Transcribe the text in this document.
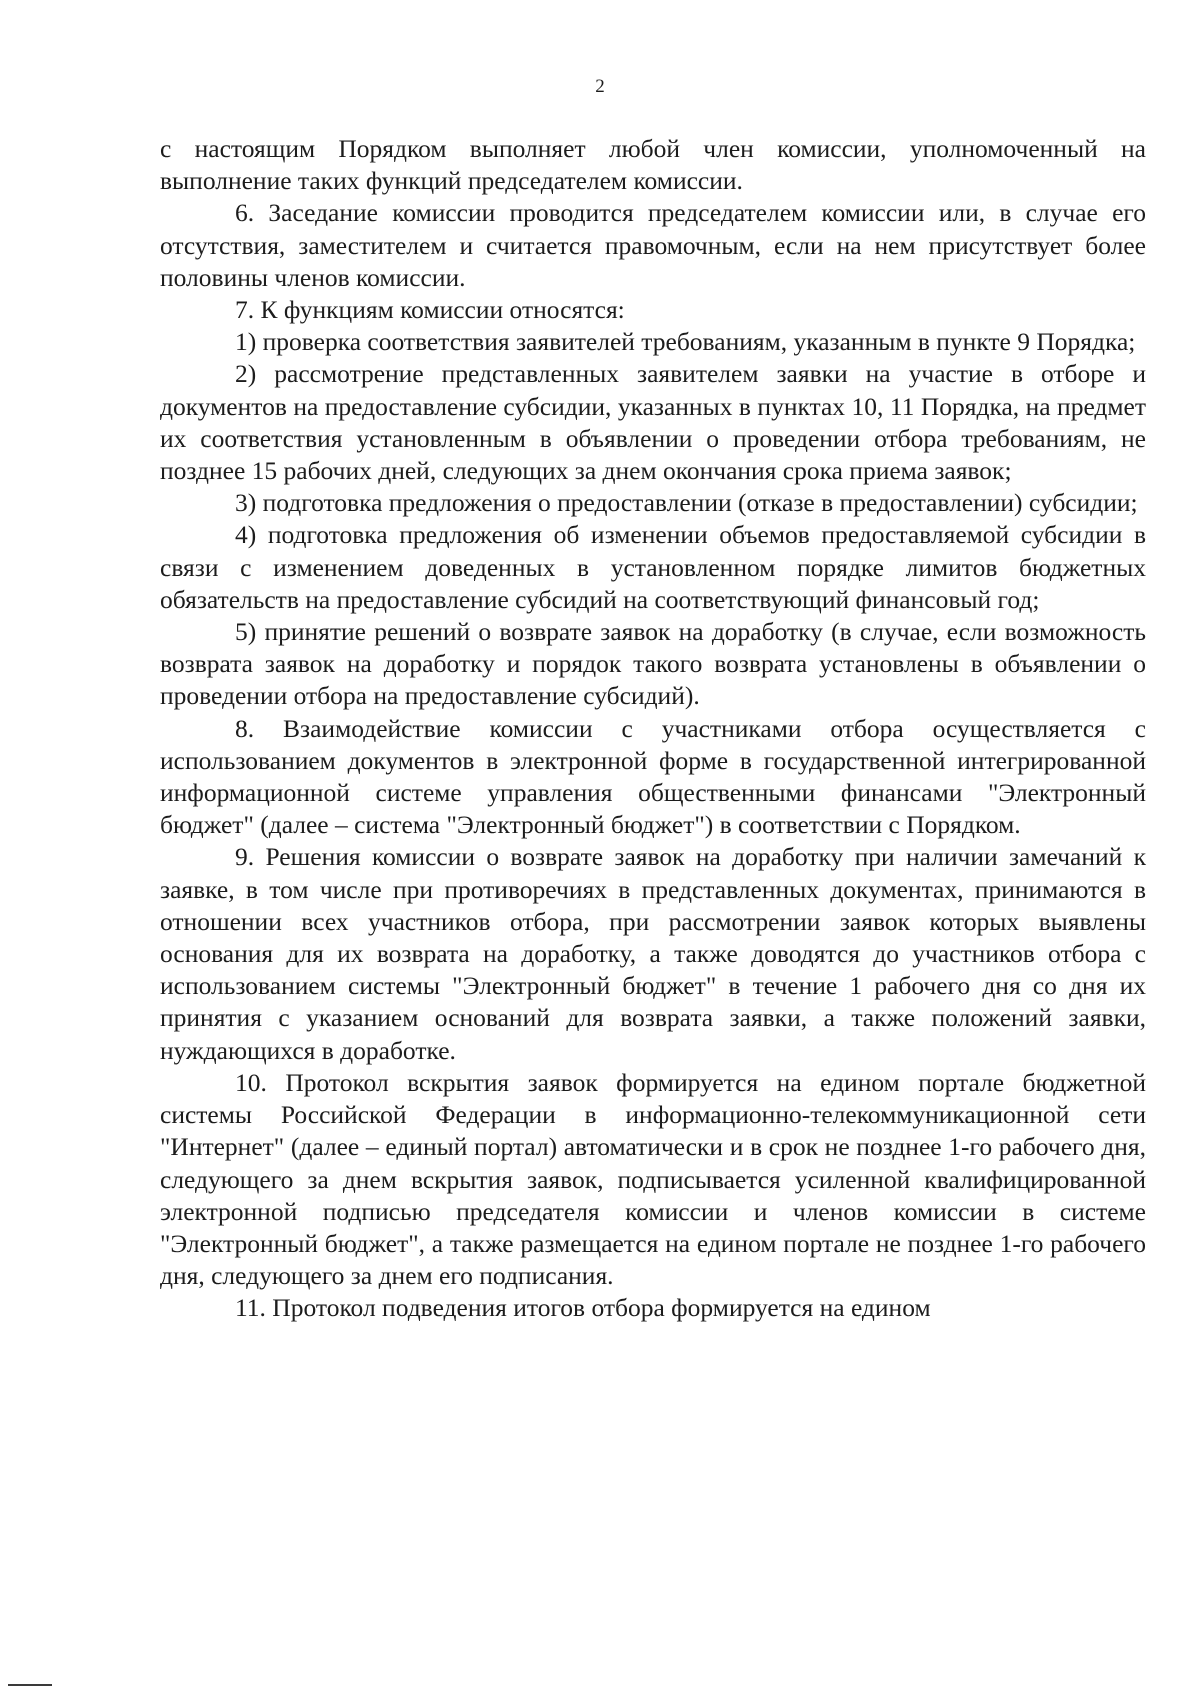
2

с настоящим Порядком выполняет любой член комиссии, уполномоченный на выполнение таких функций председателем комиссии.

6. Заседание комиссии проводится председателем комиссии или, в случае его отсутствия, заместителем и считается правомочным, если на нем присутствует более половины членов комиссии.

7. К функциям комиссии относятся:

1) проверка соответствия заявителей требованиям, указанным в пункте 9 Порядка;

2) рассмотрение представленных заявителем заявки на участие в отборе и документов на предоставление субсидии, указанных в пунктах 10, 11 Порядка, на предмет их соответствия установленным в объявлении о проведении отбора требованиям, не позднее 15 рабочих дней, следующих за днем окончания срока приема заявок;

3) подготовка предложения о предоставлении (отказе в предоставлении) субсидии;

4) подготовка предложения об изменении объемов предоставляемой субсидии в связи с изменением доведенных в установленном порядке лимитов бюджетных обязательств на предоставление субсидий на соответствующий финансовый год;

5) принятие решений о возврате заявок на доработку (в случае, если возможность возврата заявок на доработку и порядок такого возврата установлены в объявлении о проведении отбора на предоставление субсидий).

8. Взаимодействие комиссии с участниками отбора осуществляется с использованием документов в электронной форме в государственной интегрированной информационной системе управления общественными финансами "Электронный бюджет" (далее – система "Электронный бюджет") в соответствии с Порядком.

9. Решения комиссии о возврате заявок на доработку при наличии замечаний к заявке, в том числе при противоречиях в представленных документах, принимаются в отношении всех участников отбора, при рассмотрении заявок которых выявлены основания для их возврата на доработку, а также доводятся до участников отбора с использованием системы "Электронный бюджет" в течение 1 рабочего дня со дня их принятия с указанием оснований для возврата заявки, а также положений заявки, нуждающихся в доработке.

10. Протокол вскрытия заявок формируется на едином портале бюджетной системы Российской Федерации в информационно-телекоммуникационной сети "Интернет" (далее – единый портал) автоматически и в срок не позднее 1-го рабочего дня, следующего за днем вскрытия заявок, подписывается усиленной квалифицированной электронной подписью председателя комиссии и членов комиссии в системе "Электронный бюджет", а также размещается на едином портале не позднее 1-го рабочего дня, следующего за днем его подписания.

11. Протокол подведения итогов отбора формируется на едином
